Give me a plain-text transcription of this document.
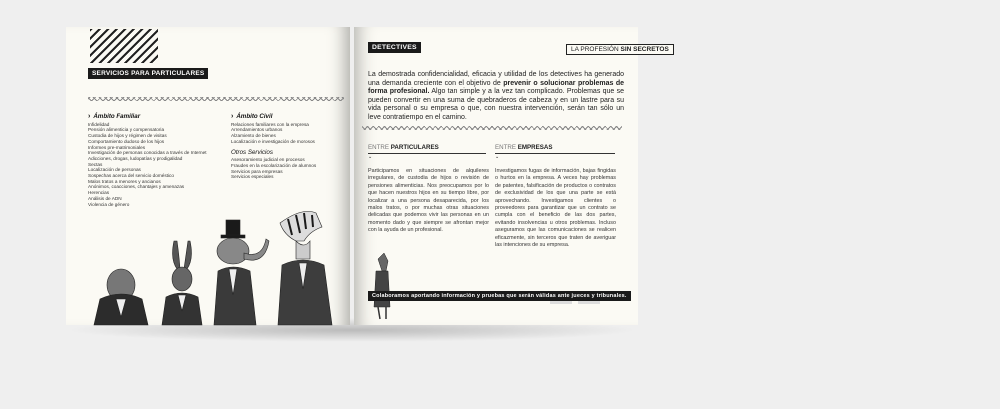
SERVICIOS PARA PARTICULARES
› Ámbito Familiar
Infidelidad
Pensión alimenticia y compensatoria
Custodia de hijos y régimen de visitas
Comportamiento dudoso de los hijos
Informes pre-matrimoniales
Investigación de personas conocidas a través de Internet
Adicciones, drogas, ludopatías y prodigalidad
Sectas
Localización de personas
Sospechas acerca del servicio doméstico
Malos tratos a menores y ancianos
Anónimos, coacciones, chantajes y amenazas
Herencias
Análisis de ADN
Violencia de género
› Ámbito Civil
Relaciones familiares con la empresa
Arrendamientos urbanos
Alzamiento de bienes
Localización e investigación de morosos
Otros Servicios
Asesoramiento judicial en procesos
Fraudes en la escolarización de alumnos
Servicios para empresas
Servicios especiales
DETECTIVES	LA PROFESIÓN SIN SECRETOS
La demostrada confidencialidad, eficacia y utilidad de los detectives ha generado una demanda creciente con el objetivo de prevenir o solucionar problemas de forma profesional. Algo tan simple y a la vez tan complicado. Problemas que se pueden convertir en una suma de quebraderos de cabeza y en un lastre para su vida personal o su empresa o que, con nuestra intervención, serán tan sólo un leve contratiempo en el camino.
ENTRE PARTICULARES
⌄
Participamos en situaciones de alquileres irregulares, de custodia de hijos o revisión de pensiones alimenticias. Nos preocupamos por lo que hacen nuestros hijos en su tiempo libre, por localizar a una persona desaparecida, por los malos tratos, o por muchas otras situaciones delicadas que podemos vivir las personas en un momento dado y que siempre se afrontan mejor con la ayuda de un profesional.
ENTRE EMPRESAS
⌄
Investigamos fugas de información, bajas fingidas o hurtos en la empresa. A veces hay problemas de patentes, falsificación de productos o contratos de exclusividad de los que una parte se está aprovechando. Investigamos clientes o proveedores para garantizar que un contrato se cumpla con el beneficio de las dos partes, evitando insolvencias u otros problemas. Incluso aseguramos que las comunicaciones se realicen eficazmente, sin terceros que traten de averiguar las intenciones de su empresa.
Colaboramos aportando información y pruebas que serán válidas ante jueces y tribunales.
